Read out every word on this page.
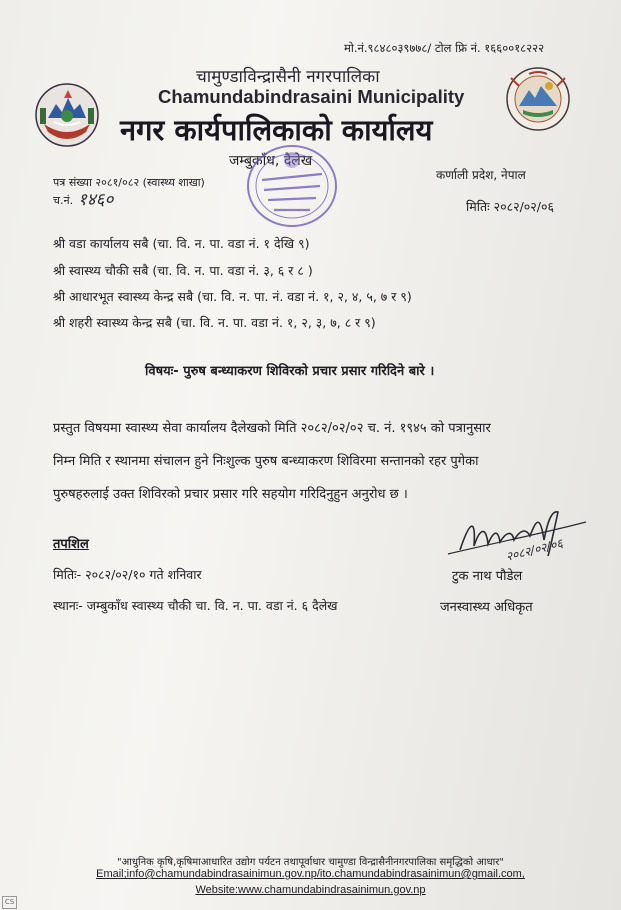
मो.नं.९८४८०३९७७८/ टोल फ्रि नं. १६६००१८२२२
चामुण्डाविन्द्रासैनी नगरपालिका
Chamundabindrasaini Municipality
नगर कार्यपालिकाको कार्यालय
जम्बुकाँध, दैलेख
पत्र संख्या २०८१/०८२ (स्वास्थ्य शाखा)
च.नं. १४६०
कर्णाली प्रदेश, नेपाल
मितिः २०८२/०२/०६
श्री वडा कार्यालय सबै (चा. वि. न. पा. वडा नं. १ देखि ९)
श्री स्वास्थ्य चौकी सबै (चा. वि. न. पा. वडा नं. ३, ६ र ८ )
श्री आधारभूत स्वास्थ्य केन्द्र सबै (चा. वि. न. पा. नं. वडा नं. १, २, ४, ५, ७ र ९)
श्री शहरी स्वास्थ्य केन्द्र सबै (चा. वि. न. पा. वडा नं. १, २, ३, ७, ८ र ९)
विषयः- पुरुष बन्ध्याकरण शिविरको प्रचार प्रसार गरिदिने बारे ।
प्रस्तुत विषयमा स्वास्थ्य सेवा कार्यालय दैलेखको मिति २०८२/०२/०२ च. नं. १९४५ को पत्रानुसार
निम्न मिति र स्थानमा संचालन हुने निःशुल्क पुरुष बन्ध्याकरण शिविरमा सन्तानको रहर पुगेका
पुरुषहरुलाई उक्त शिविरको प्रचार प्रसार गरि सहयोग गरिदिनुहुन अनुरोध छ ।
तपशिल
मितिः- २०८२/०२/१० गते शनिवार
स्थानः- जम्बुकाँध स्वास्थ्य चौकी चा. वि. न. पा. वडा नं. ६ दैलेख
२०८२/०२/०६
टुक नाथ पौडेल
जनस्वास्थ्य अधिकृत
"आधुनिक कृषि,कृषिमाआधारित उद्योग पर्यटन तथापूर्वाधार चामुण्डा विन्द्रासैनीनगरपालिका समृद्धिको आधार"
Email;info@chamundabindrasainimun.gov.np/ito.chamundabindrasainimun@gmail.com,
Website:www.chamundabindrasainimun.gov.np
CS
